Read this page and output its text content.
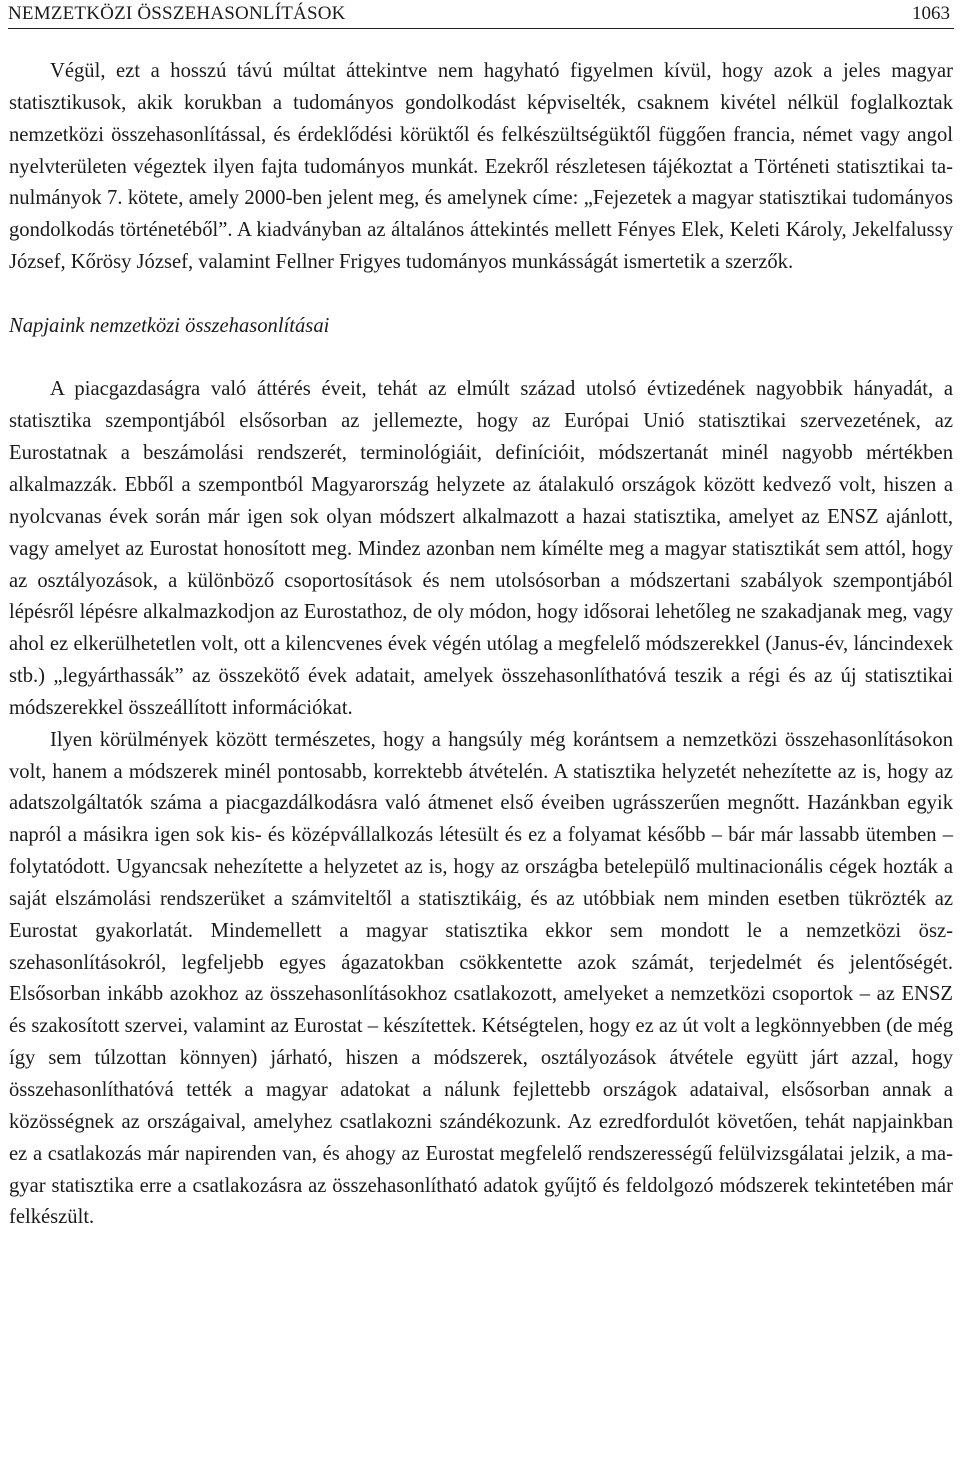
NEMZETKÖZI ÖSSZEHASONLÍTÁSOK	1063

Végül, ezt a hosszú távú múltat áttekintve nem hagyható figyelmen kívül, hogy azok a jeles magyar statisztikusok, akik korukban a tudományos gondolkodást képviselték, csaknem kivétel nélkül foglalkoztak nemzetközi összehasonlítással, és érdeklődési körüktől és felkészültségüktől függően francia, német vagy angol nyelvterületen végeztek ilyen fajta tudományos munkát. Ezekről részletesen tájékoztat a Történeti statisztikai tanulmányok 7. kötete, amely 2000-ben jelent meg, és amelynek címe: „Fejezetek a magyar statisztikai tudományos gondolkodás történetéből”. A kiadványban az általános áttekintés mellett Fényes Elek, Keleti Károly, Jekelfalussy József, Kőrösy József, valamint Fellner Frigyes tudományos munkásságát ismertetik a szerzők.

Napjaink nemzetközi összehasonlításai

A piacgazdaságra való áttérés éveit, tehát az elmúlt század utolsó évtizedének nagyobbik hányadát, a statisztika szempontjából elsősorban az jellemezte, hogy az Európai Unió statisztikai szervezetének, az Eurostatnak a beszámolási rendszerét, terminológiáit, definícióit, módszertanát minél nagyobb mértékben alkalmazzák. Ebből a szempontból Magyarország helyzete az átalakuló országok között kedvező volt, hiszen a nyolcvanas évek során már igen sok olyan módszert alkalmazott a hazai statisztika, amelyet az ENSZ ajánlott, vagy amelyet az Eurostat honosított meg. Mindez azonban nem kímélte meg a magyar statisztikát sem attól, hogy az osztályozások, a különböző csoportosítások és nem utolsósorban a módszertani szabályok szempontjából lépésről lépésre alkalmazkodjon az Eurostathoz, de oly módon, hogy idősorai lehetőleg ne szakadjanak meg, vagy ahol ez elkerülhetetlen volt, ott a kilencvenes évek végén utólag a megfelelő módszerekkel (Janus-év, láncindexek stb.) „legyárthassák” az összekötő évek adatait, amelyek összehasonlíthatóvá teszik a régi és az új statisztikai módszerekkel összeállított információkat.

Ilyen körülmények között természetes, hogy a hangsúly még korántsem a nemzetközi összehasonlításokon volt, hanem a módszerek minél pontosabb, korrektebb átvételén. A statisztika helyzetét nehezítette az is, hogy az adatszolgáltatók száma a piacgazdálkodásra való átmenet első éveiben ugrásszerűen megnőtt. Hazánkban egyik napról a másikra igen sok kis- és középvállalkozás létesült és ez a folyamat később – bár már lassabb ütemben – folytatódott. Ugyancsak nehezítette a helyzetet az is, hogy az országba betelepülő multinacionális cégek hozták a saját elszámolási rendszerüket a számviteltől a statisztikáig, és az utóbbiak nem minden esetben tükrözték az Eurostat gyakorlatát. Mindemellett a magyar statisztika ekkor sem mondott le a nemzetközi öszszehasonlításokról, legfeljebb egyes ágazatokban csökkentette azok számát, terjedelmét és jelentőségét. Elsősorban inkább azokhoz az összehasonlításokhoz csatlakozott, amelyeket a nemzetközi csoportok – az ENSZ és szakosított szervei, valamint az Eurostat – készítettek. Kétségtelen, hogy ez az út volt a legkönnyebben (de még így sem túlzottan könnyen) járható, hiszen a módszerek, osztályozások átvétele együtt járt azzal, hogy összehasonlíthatóvá tették a magyar adatokat a nálunk fejlettebb országok adataival, elsősorban annak a közösségnek az országaival, amelyhez csatlakozni szándékozunk. Az ezredfordulót követően, tehát napjainkban ez a csatlakozás már napirenden van, és ahogy az Eurostat megfelelő rendszerességű felülvizsgálatai jelzik, a magyar statisztika erre a csatlakozásra az összehasonlítható adatok gyűjtő és feldolgozó módszerek tekintetében már felkészült.
